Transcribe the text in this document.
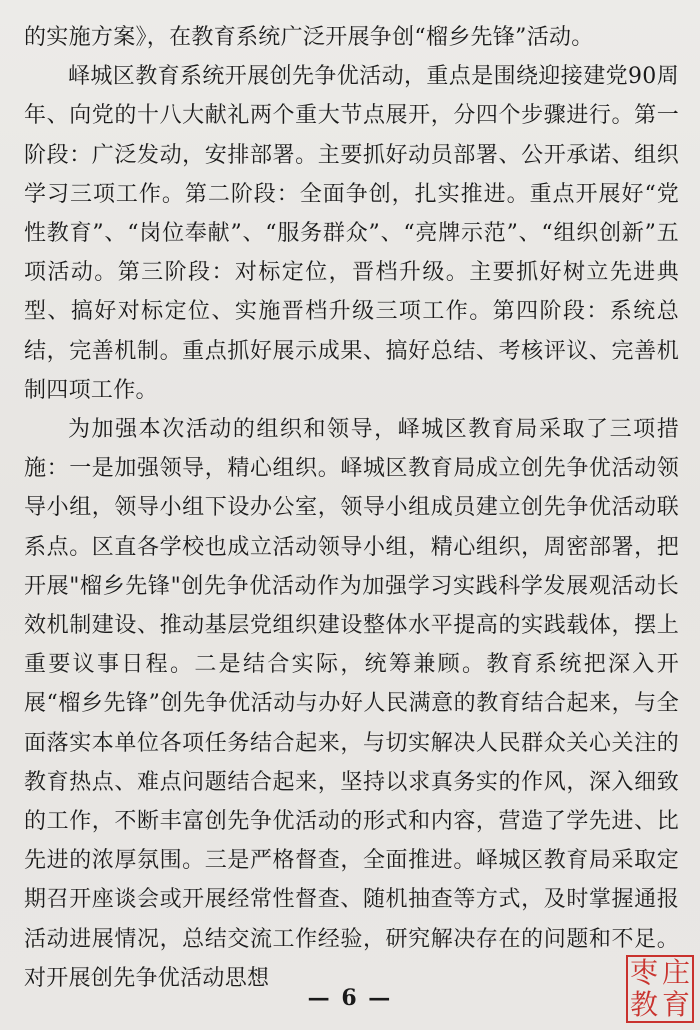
的实施方案》，在教育系统广泛开展争创“榴乡先锋”活动。

峄城区教育系统开展创先争优活动，重点是围绕迎接建党90周年、向党的十八大献礼两个重大节点展开，分四个步骤进行。第一阶段：广泛发动，安排部署。主要抓好动员部署、公开承诺、组织学习三项工作。第二阶段：全面争创，扎实推进。重点开展好“党性教育”、“岗位奉献”、“服务群众”、“亮牌示范”、“组织创新”五项活动。第三阶段：对标定位，晋档升级。主要抓好树立先进典型、搞好对标定位、实施晋档升级三项工作。第四阶段：系统总结，完善机制。重点抓好展示成果、搞好总结、考核评议、完善机制四项工作。

为加强本次活动的组织和领导，峄城区教育局采取了三项措施：一是加强领导，精心组织。峄城区教育局成立创先争优活动领导小组，领导小组下设办公室，领导小组成员建立创先争优活动联系点。区直各学校也成立活动领导小组，精心组织，周密部署，把开展"榴乡先锋"创先争优活动作为加强学习实践科学发展观活动长效机制建设、推动基层党组织建设整体水平提高的实践载体，摆上重要议事日程。二是结合实际，统筹兼顾。教育系统把深入开展“榴乡先锋”创先争优活动与办好人民满意的教育结合起来，与全面落实本单位各项任务结合起来，与切实解决人民群众关心关注的教育热点、难点问题结合起来，坚持以求真务实的作风，深入细致的工作，不断丰富创先争优活动的形式和内容，营造了学先进、比先进的浓厚氛围。三是严格督查，全面推进。峄城区教育局采取定期召开座谈会或开展经常性督查、随机抽查等方式，及时掌握通报活动进展情况，总结交流工作经验，研究解决存在的问题和不足。对开展创先争优活动思想

— 6 —
枣 庄
教 育
